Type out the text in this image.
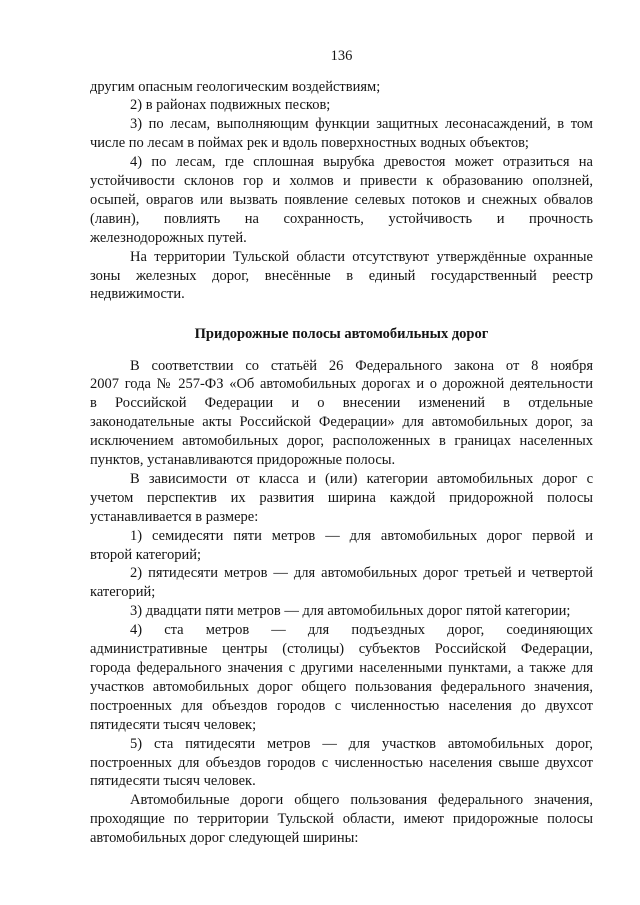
136
другим опасным геологическим воздействиям;
2) в районах подвижных песков;
3) по лесам, выполняющим функции защитных лесонасаждений, в том
числе по лесам в поймах рек и вдоль поверхностных водных объектов;
4) по лесам, где сплошная вырубка древостоя может отразиться на
устойчивости склонов гор и холмов и привести к образованию оползней,
осыпей, оврагов или вызвать появление селевых потоков и снежных обвалов
(лавин), повлиять на сохранность, устойчивость и прочность
железнодорожных путей.
На территории Тульской области отсутствуют утверждённые охранные
зоны железных дорог, внесённые в единый государственный реестр
недвижимости.
Придорожные полосы автомобильных дорог
В соответствии со статьёй 26 Федерального закона от 8 ноября
2007 года № 257-ФЗ «Об автомобильных дорогах и о дорожной деятельности
в Российской Федерации и о внесении изменений в отдельные
законодательные акты Российской Федерации» для автомобильных дорог, за
исключением автомобильных дорог, расположенных в границах населенных
пунктов, устанавливаются придорожные полосы.
В зависимости от класса и (или) категории автомобильных дорог с
учетом перспектив их развития ширина каждой придорожной полосы
устанавливается в размере:
1) семидесяти пяти метров — для автомобильных дорог первой и
второй категорий;
2) пятидесяти метров — для автомобильных дорог третьей и четвертой
категорий;
3) двадцати пяти метров — для автомобильных дорог пятой категории;
4) ста метров — для подъездных дорог, соединяющих
административные центры (столицы) субъектов Российской Федерации,
города федерального значения с другими населенными пунктами, а также для
участков автомобильных дорог общего пользования федерального значения,
построенных для объездов городов с численностью населения до двухсот
пятидесяти тысяч человек;
5) ста пятидесяти метров — для участков автомобильных дорог,
построенных для объездов городов с численностью населения свыше двухсот
пятидесяти тысяч человек.
Автомобильные дороги общего пользования федерального значения,
проходящие по территории Тульской области, имеют придорожные полосы
автомобильных дорог следующей ширины:
